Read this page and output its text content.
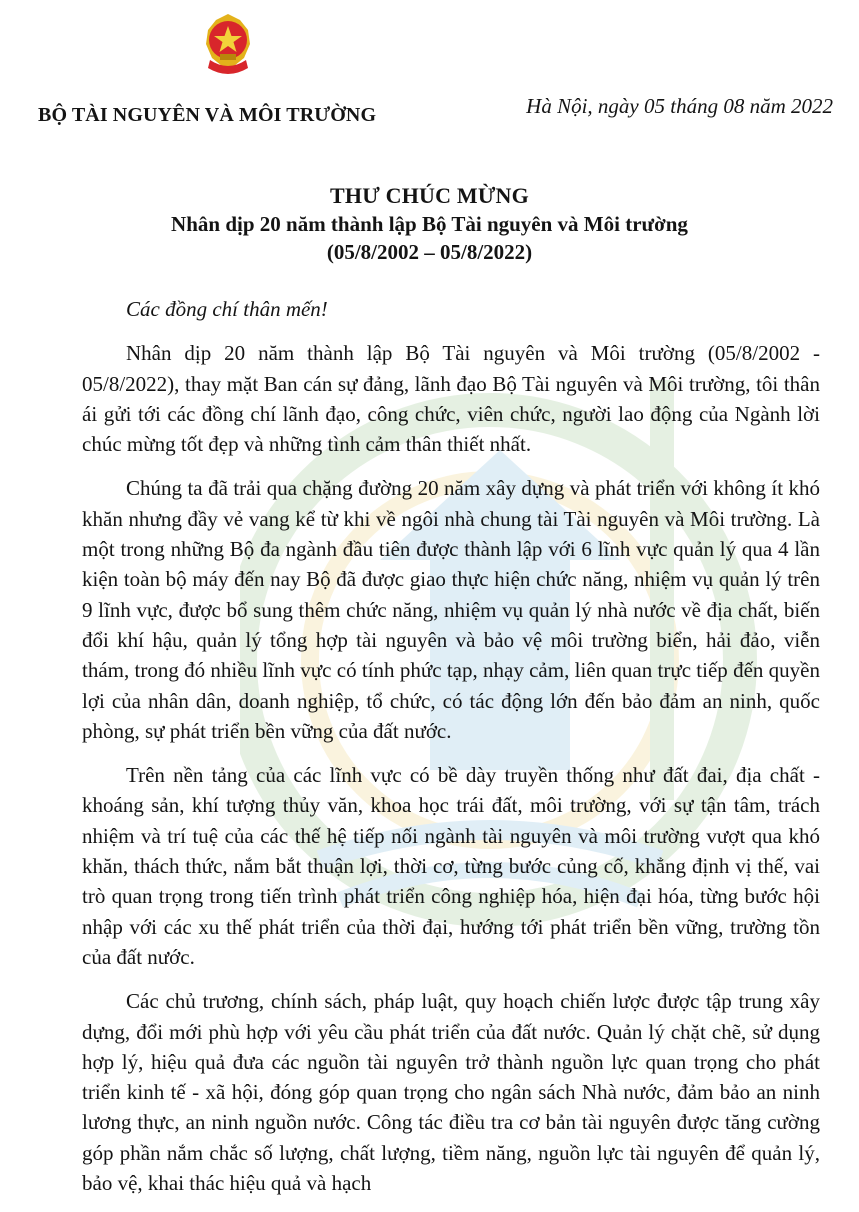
BỘ TÀI NGUYÊN VÀ MÔI TRƯỜNG	Hà Nội, ngày 05 tháng 08 năm 2022
THƯ CHÚC MỪNG
Nhân dịp 20 năm thành lập Bộ Tài nguyên và Môi trường
(05/8/2002 – 05/8/2022)

Các đồng chí thân mến!

Nhân dịp 20 năm thành lập Bộ Tài nguyên và Môi trường (05/8/2002 - 05/8/2022), thay mặt Ban cán sự đảng, lãnh đạo Bộ Tài nguyên và Môi trường, tôi thân ái gửi tới các đồng chí lãnh đạo, công chức, viên chức, người lao động của Ngành lời chúc mừng tốt đẹp và những tình cảm thân thiết nhất.

Chúng ta đã trải qua chặng đường 20 năm xây dựng và phát triển với không ít khó khăn nhưng đầy vẻ vang kể từ khi về ngôi nhà chung tài Tài nguyên và Môi trường. Là một trong những Bộ đa ngành đầu tiên được thành lập với 6 lĩnh vực quản lý qua 4 lần kiện toàn bộ máy đến nay Bộ đã được giao thực hiện chức năng, nhiệm vụ quản lý trên 9 lĩnh vực, được bổ sung thêm chức năng, nhiệm vụ quản lý nhà nước về địa chất, biến đổi khí hậu, quản lý tổng hợp tài nguyên và bảo vệ môi trường biển, hải đảo, viễn thám, trong đó nhiều lĩnh vực có tính phức tạp, nhạy cảm, liên quan trực tiếp đến quyền lợi của nhân dân, doanh nghiệp, tổ chức, có tác động lớn đến bảo đảm an ninh, quốc phòng, sự phát triển bền vững của đất nước.

Trên nền tảng của các lĩnh vực có bề dày truyền thống như đất đai, địa chất - khoáng sản, khí tượng thủy văn, khoa học trái đất, môi trường, với sự tận tâm, trách nhiệm và trí tuệ của các thế hệ tiếp nối ngành tài nguyên và môi trường vượt qua khó khăn, thách thức, nắm bắt thuận lợi, thời cơ, từng bước củng cố, khẳng định vị thế, vai trò quan trọng trong tiến trình phát triển công nghiệp hóa, hiện đại hóa, từng bước hội nhập với các xu thế phát triển của thời đại, hướng tới phát triển bền vững, trường tồn của đất nước.

Các chủ trương, chính sách, pháp luật, quy hoạch chiến lược được tập trung xây dựng, đổi mới phù hợp với yêu cầu phát triển của đất nước. Quản lý chặt chẽ, sử dụng hợp lý, hiệu quả đưa các nguồn tài nguyên trở thành nguồn lực quan trọng cho phát triển kinh tế - xã hội, đóng góp quan trọng cho ngân sách Nhà nước, đảm bảo an ninh lương thực, an ninh nguồn nước. Công tác điều tra cơ bản tài nguyên được tăng cường góp phần nắm chắc số lượng, chất lượng, tiềm năng, nguồn lực tài nguyên để quản lý, bảo vệ, khai thác hiệu quả và hạch
